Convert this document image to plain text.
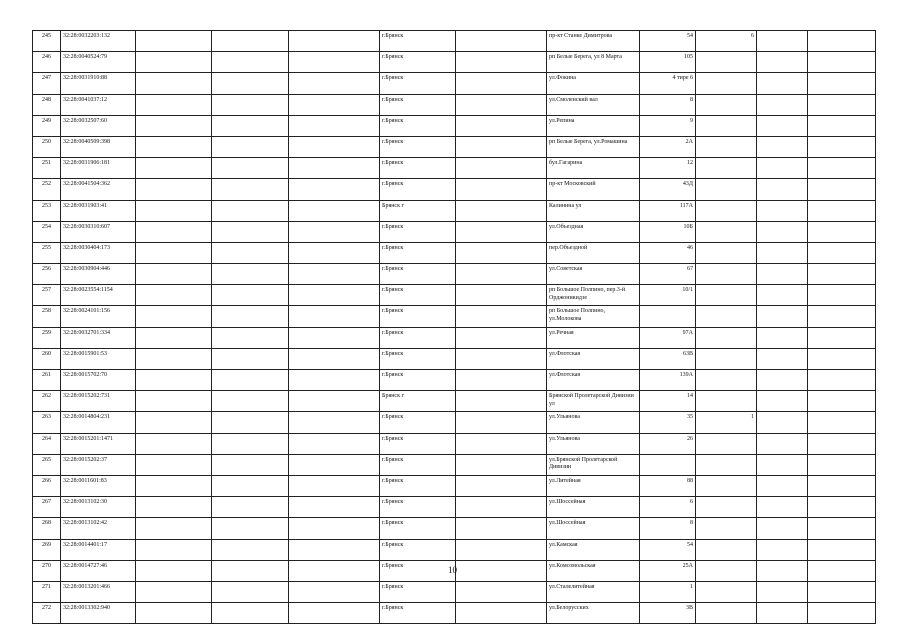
245	32:28:0032203:132				г.Брянск		пр-кт Станке Димитрова	54	6		
246	32:28:0040524:79				г.Брянск		рп Белые Берега, ул 8 Марта	105			
247	32:28:0031910:88				г.Брянск		ул.Фокина	4 тире 6			
248	32:28:0041037:12				г.Брянск		ул.Смоленский вал	8			
249	32:28:0032507:60				г.Брянск		ул.Репина	9			
250	32:28:0040509:398				г.Брянск		рп Белые Берега, ул.Ромашина	2А			
251	32:28:0031906:181				г.Брянск		бул.Гагарина	12			
252	32:28:0041504:362				г.Брянск		пр-кт Московский	43Д			
253	32:28:0031903:41				Брянск г		Калинина ул	117А			
254	32:28:0030310:607				г.Брянск		ул.Объездная	10Б			
255	32:28:0030404:173				г.Брянск		пер.Объездной	46			
256	32:28:0030904:446				г.Брянск		ул.Советская	67			
257	32:28:0023554:1154				г.Брянск		рп Большое Полпино, пер.3-й Орджоникидзе	10/1			
258	32:28:0024101:156				г.Брянск		рп Большое Полпино, ул.Молокова				
259	32:28:0032701:334				г.Брянск		ул.Речная	97А			
260	32:28:0015901:53				г.Брянск		ул.Флотская	63В			
261	32:28:0015702:70				г.Брянск		ул.Флотская	139А			
262	32:28:0015202:731				Брянск г		Брянской Пролетарской Дивизии ул	14			
263	32:28:0014804:231				г.Брянск		ул.Ульянова	35	1		
264	32:28:0015201:1471				г.Брянск		ул.Ульянова	26			
265	32:28:0015202:37				г.Брянск		ул.Брянской Пролетарской Дивизии				
266	32:28:0011601:83				г.Брянск		ул.Литейная	88			
267	32:28:0013102:30				г.Брянск		ул.Шоссейная	6			
268	32:28:0013102:42				г.Брянск		ул.Шоссейная	8			
269	32:28:0014401:17				г.Брянск		ул.Камская	54			
270	32:28:0014727:46				г.Брянск		ул.Комсомольская	25А			
271	32:28:0013201:466				г.Брянск		ул.Сталелитейная	1			
272	32:28:0013302:940				г.Брянск		ул.Белорусских	3В			
10
